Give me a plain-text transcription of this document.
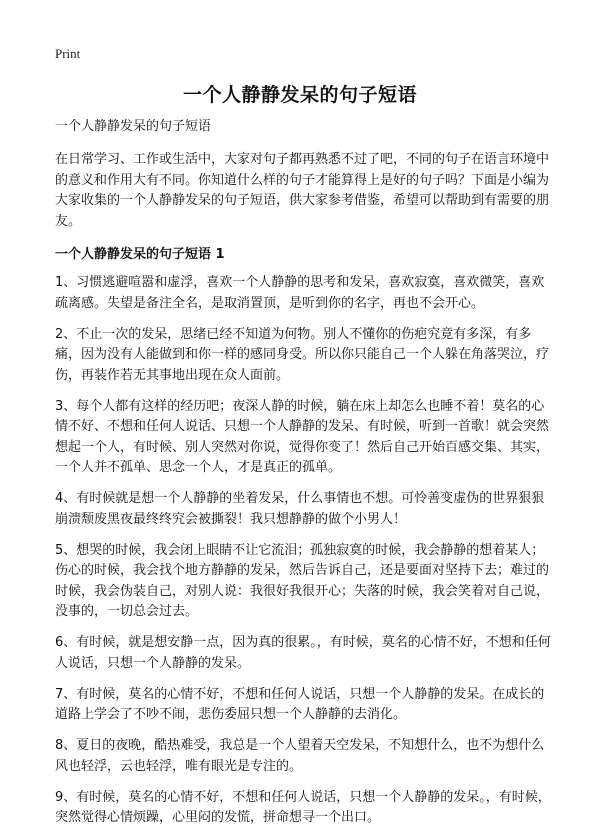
Print
一个人静静发呆的句子短语
一个人静静发呆的句子短语

在日常学习、工作或生活中，大家对句子都再熟悉不过了吧，不同的句子在语言环境中的意义和作用大有不同。你知道什么样的句子才能算得上是好的句子吗？下面是小编为大家收集的一个人静静发呆的句子短语，供大家参考借鉴，希望可以帮助到有需要的朋友。

一个人静静发呆的句子短语 1

1、习惯逃避喧嚣和虚浮，喜欢一个人静静的思考和发呆，喜欢寂寞，喜欢微笑，喜欢疏离感。失望是备注全名，是取消置顶，是听到你的名字，再也不会开心。

2、不止一次的发呆，思绪已经不知道为何物。别人不懂你的伤疤究竟有多深，有多痛，因为没有人能做到和你一样的感同身受。所以你只能自己一个人躲在角落哭泣，疗伤，再装作若无其事地出现在众人面前。

3、每个人都有这样的经历吧；夜深人静的时候，躺在床上却怎么也睡不着！莫名的心情不好、不想和任何人说话、只想一个人静静的发呆、有时候，听到一首歌！就会突然想起一个人，有时候、别人突然对你说，觉得你变了！然后自己开始百感交集、其实，一个人并不孤单、思念一个人，才是真正的孤单。

4、有时候就是想一个人静静的坐着发呆，什么事情也不想。可怜善变虚伪的世界狠狠崩溃颓废黑夜最终终究会被撕裂！我只想静静的做个小男人！

5、想哭的时候，我会闭上眼睛不让它流泪；孤独寂寞的时候，我会静静的想着某人；伤心的时候，我会找个地方静静的发呆，然后告诉自己，还是要面对坚持下去；难过的时候，我会伪装自己，对别人说：我很好我很开心；失落的时候，我会笑着对自己说，没事的，一切总会过去。

6、有时候，就是想安静一点，因为真的很累。，有时候，莫名的心情不好，不想和任何人说话，只想一个人静静的发呆。

7、有时候，莫名的心情不好，不想和任何人说话，只想一个人静静的发呆。在成长的道路上学会了不吵不闹，悲伤委屈只想一个人静静的去消化。

8、夏日的夜晚，酷热难受，我总是一个人望着天空发呆，不知想什么，也不为想什么风也轻浮，云也轻浮，唯有眼光是专注的。

9、有时候，莫名的心情不好，不想和任何人说话，只想一个人静静的发呆。，有时候，突然觉得心情烦躁，心里闷的发慌，拼命想寻一个出口。
